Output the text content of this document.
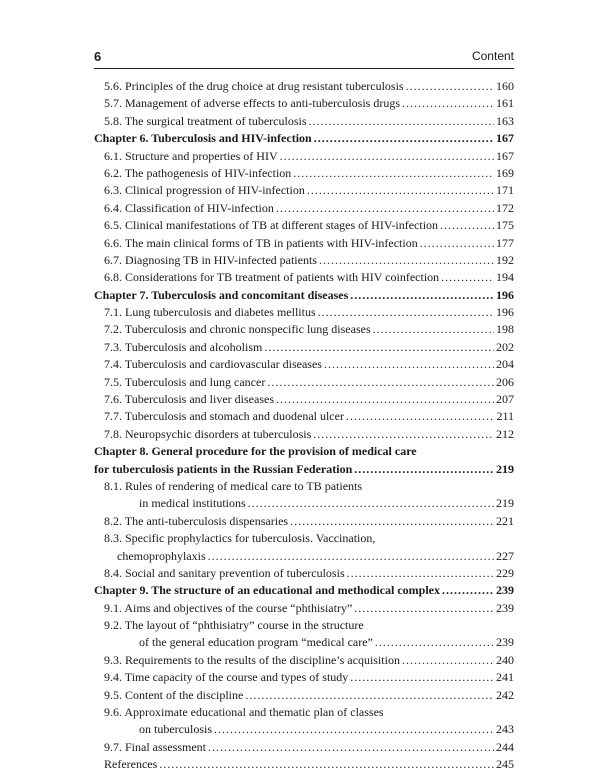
6	Content
5.6. Principles of the drug choice at drug resistant tuberculosis . . .	160
5.7. Management of adverse effects to anti-tuberculosis drugs . . .	161
5.8. The surgical treatment of tuberculosis . . .	163
Chapter 6. Tuberculosis and HIV-infection . . .	167
6.1. Structure and properties of HIV . . .	167
6.2. The pathogenesis of HIV-infection . . .	169
6.3. Clinical progression of HIV-infection . . .	171
6.4. Classification of HIV-infection . . .	172
6.5. Clinical manifestations of TB at different stages of HIV-infection . . .	175
6.6. The main clinical forms of TB in patients with HIV-infection . . .	177
6.7. Diagnosing TB in HIV-infected patients . . .	192
6.8. Considerations for TB treatment of patients with HIV coinfection . . .	194
Chapter 7. Tuberculosis and concomitant diseases . . .	196
7.1. Lung tuberculosis and diabetes mellitus . . .	196
7.2. Tuberculosis and chronic nonspecific lung diseases . . .	198
7.3. Tuberculosis and alcoholism . . .	202
7.4. Tuberculosis and cardiovascular diseases . . .	204
7.5. Tuberculosis and lung cancer . . .	206
7.6. Tuberculosis and liver diseases . . .	207
7.7. Tuberculosis and stomach and duodenal ulcer . . .	211
7.8. Neuropsychic disorders at tuberculosis . . .	212
Chapter 8. General procedure for the provision of medical care
for tuberculosis patients in the Russian Federation . . .	219
8.1. Rules of rendering of medical care to TB patients
in medical institutions . . .	219
8.2. The anti-tuberculosis dispensaries . . .	221
8.3. Specific prophylactics for tuberculosis. Vaccination,
chemoprophylaxis . . .	227
8.4. Social and sanitary prevention of tuberculosis . . .	229
Chapter 9. The structure of an educational and methodical complex . . .	239
9.1. Aims and objectives of the course “phthisiatry” . . .	239
9.2. The layout of “phthisiatry” course in the structure
of the general education program “medical care” . . .	239
9.3. Requirements to the results of the discipline’s acquisition . . .	240
9.4. Time capacity of the course and types of study . . .	241
9.5. Content of the discipline . . .	242
9.6. Approximate educational and thematic plan of classes
on tuberculosis . . .	243
9.7. Final assessment . . .	244
References . . .	245
